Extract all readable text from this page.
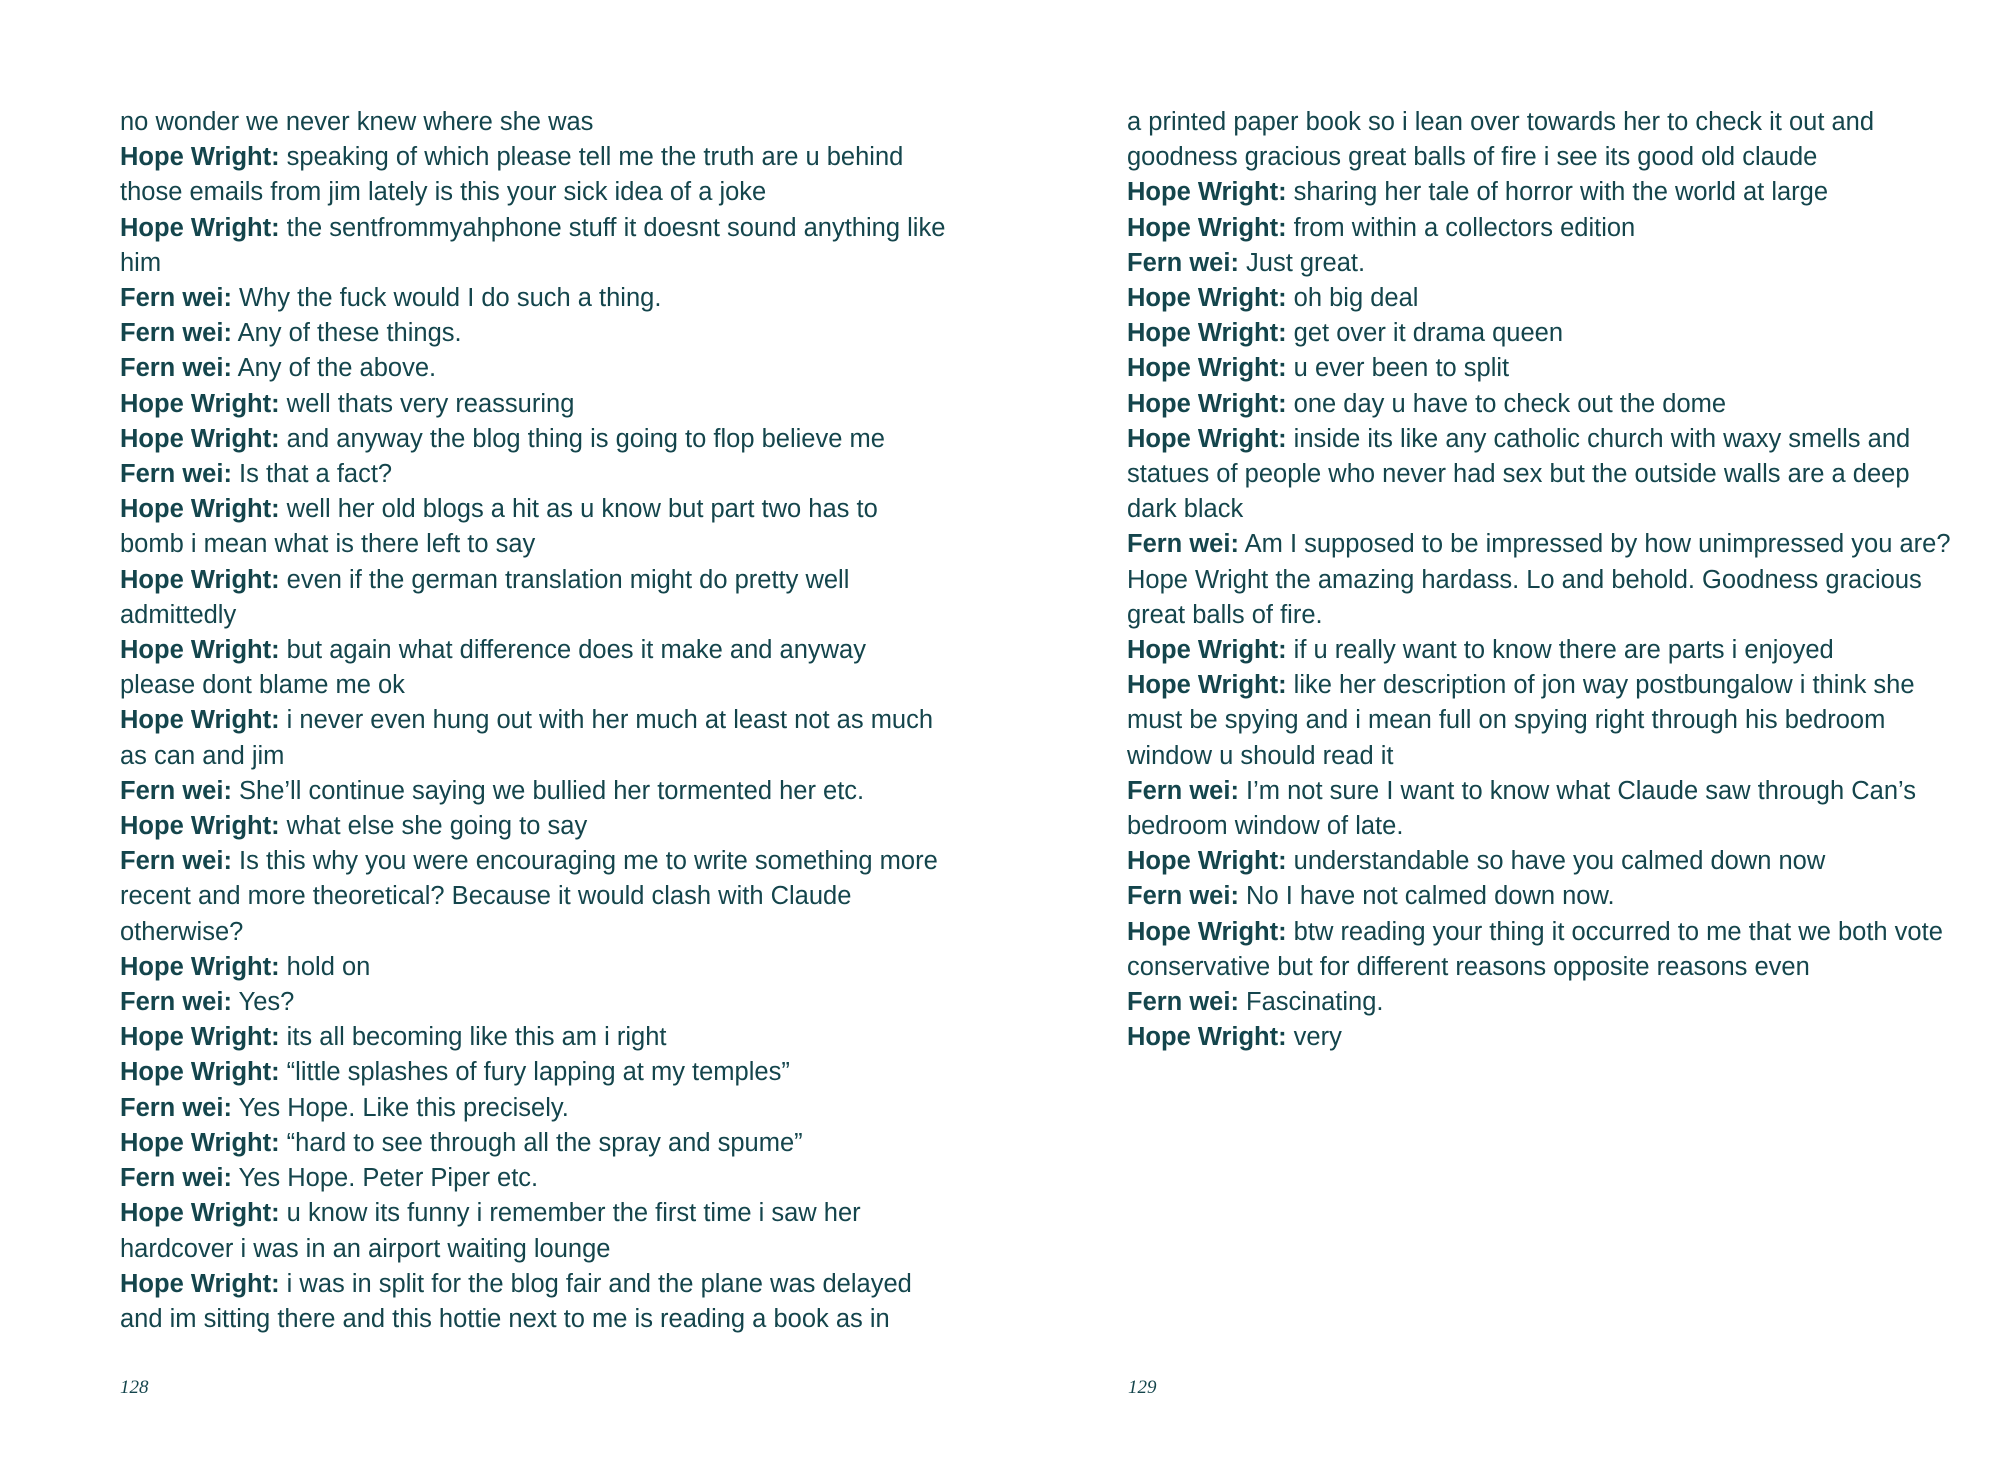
no wonder we never knew where she was

Hope Wright: speaking of which please tell me the truth are u behind those emails from jim lately is this your sick idea of a joke

Hope Wright: the sentfrommyahphone stuff it doesnt sound anything like him

Fern wei: Why the fuck would I do such a thing.

Fern wei: Any of these things.

Fern wei: Any of the above.

Hope Wright: well thats very reassuring

Hope Wright: and anyway the blog thing is going to flop believe me

Fern wei: Is that a fact?

Hope Wright: well her old blogs a hit as u know but part two has to bomb i mean what is there left to say

Hope Wright: even if the german translation might do pretty well admittedly

Hope Wright: but again what difference does it make and anyway please dont blame me ok

Hope Wright: i never even hung out with her much at least not as much as can and jim

Fern wei: She’ll continue saying we bullied her tormented her etc.

Hope Wright: what else she going to say

Fern wei: Is this why you were encouraging me to write something more recent and more theoretical? Because it would clash with Claude otherwise?

Hope Wright: hold on

Fern wei: Yes?

Hope Wright: its all becoming like this am i right

Hope Wright: “little splashes of fury lapping at my temples”

Fern wei: Yes Hope. Like this precisely.

Hope Wright: “hard to see through all the spray and spume”

Fern wei: Yes Hope. Peter Piper etc.

Hope Wright: u know its funny i remember the first time i saw her hardcover i was in an airport waiting lounge

Hope Wright: i was in split for the blog fair and the plane was delayed and im sitting there and this hottie next to me is reading a book as in

128

a printed paper book so i lean over towards her to check it out and goodness gracious great balls of fire i see its good old claude

Hope Wright: sharing her tale of horror with the world at large

Hope Wright: from within a collectors edition

Fern wei: Just great.

Hope Wright: oh big deal

Hope Wright: get over it drama queen

Hope Wright: u ever been to split

Hope Wright: one day u have to check out the dome

Hope Wright: inside its like any catholic church with waxy smells and statues of people who never had sex but the outside walls are a deep dark black

Fern wei: Am I supposed to be impressed by how unimpressed you are? Hope Wright the amazing hardass. Lo and behold. Goodness gracious great balls of fire.

Hope Wright: if u really want to know there are parts i enjoyed

Hope Wright: like her description of jon way postbungalow i think she must be spying and i mean full on spying right through his bedroom window u should read it

Fern wei: I’m not sure I want to know what Claude saw through Can’s bedroom window of late.

Hope Wright: understandable so have you calmed down now

Fern wei: No I have not calmed down now.

Hope Wright: btw reading your thing it occurred to me that we both vote conservative but for different reasons opposite reasons even

Fern wei: Fascinating.

Hope Wright: very

129
